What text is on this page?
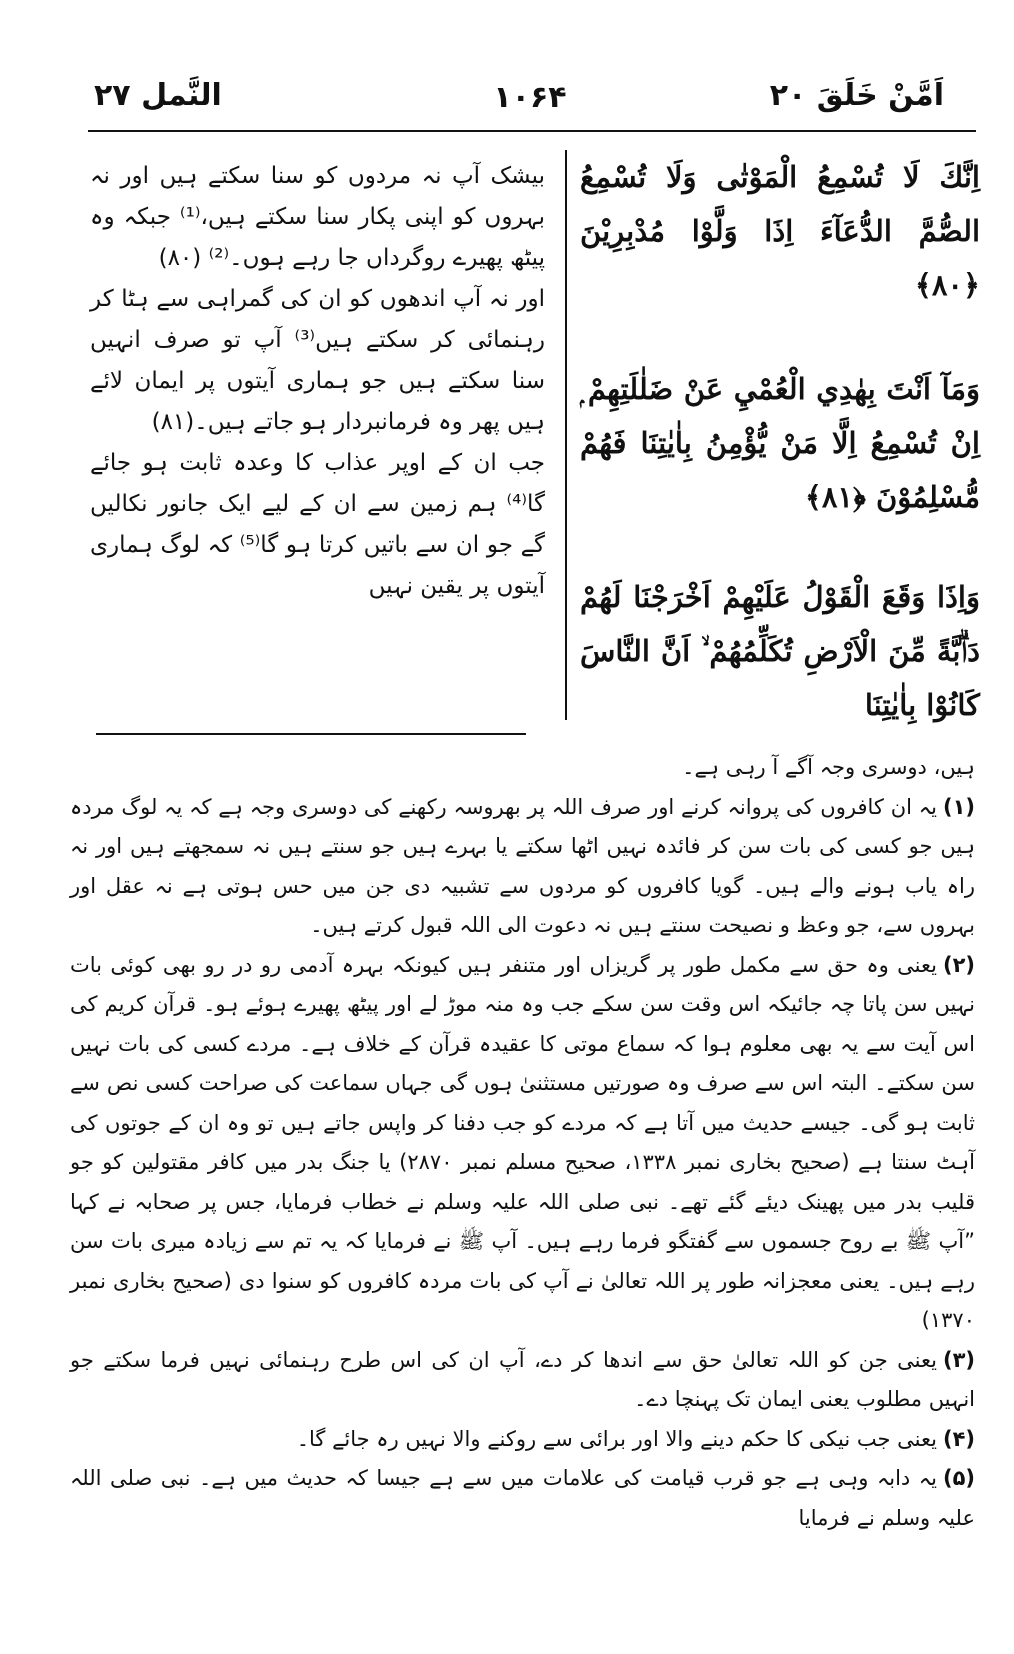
اَمَّنْ خَلَقَ ۲۰
۱۰۶۴
النَّمل ۲۷
اِنَّكَ لَا تُسْمِعُ الْمَوْتٰى وَلَا تُسْمِعُ الصُّمَّ الدُّعَآءَ اِذَا وَلَّوْا مُدْبِرِيْنَ ﴿۸۰﴾
وَمَآ اَنْتَ بِهٰدِي الْعُمْيِ عَنْ ضَلٰلَتِهِمْ ۭ اِنْ تُسْمِعُ اِلَّا مَنْ يُّؤْمِنُ بِاٰيٰتِنَا فَهُمْ مُّسْلِمُوْنَ ﴿۸۱﴾
وَاِذَا وَقَعَ الْقَوْلُ عَلَيْهِمْ اَخْرَجْنَا لَهُمْ دَاۗبَّةً مِّنَ الْاَرْضِ تُكَلِّمُهُمْ ۙ اَنَّ النَّاسَ كَانُوْا بِاٰيٰتِنَا
بیشک آپ نہ مردوں کو سنا سکتے ہیں اور نہ بہروں کو اپنی پکار سنا سکتے ہیں،⁽¹⁾ جبکہ وہ پیٹھ پھیرے روگرداں جا رہے ہوں۔⁽²⁾ (۸۰)
اور نہ آپ اندھوں کو ان کی گمراہی سے ہٹا کر رہنمائی کر سکتے ہیں⁽³⁾ آپ تو صرف انہیں سنا سکتے ہیں جو ہماری آیتوں پر ایمان لائے ہیں پھر وہ فرمانبردار ہو جاتے ہیں۔(۸۱)
جب ان کے اوپر عذاب کا وعدہ ثابت ہو جائے گا⁽⁴⁾ ہم زمین سے ان کے لیے ایک جانور نکالیں گے جو ان سے باتیں کرتا ہو گا⁽⁵⁾ کہ لوگ ہماری آیتوں پر یقین نہیں

ہیں، دوسری وجہ آگے آ رہی ہے۔

(۱)یہ ان کافروں کی پروانہ کرنے اور صرف اللہ پر بھروسہ رکھنے کی دوسری وجہ ہے کہ یہ لوگ مردہ ہیں جو کسی کی بات سن کر فائدہ نہیں اٹھا سکتے یا بہرے ہیں جو سنتے ہیں نہ سمجھتے ہیں اور نہ راہ یاب ہونے والے ہیں۔ گویا کافروں کو مردوں سے تشبیہ دی جن میں حس ہوتی ہے نہ عقل اور بہروں سے، جو وعظ و نصیحت سنتے ہیں نہ دعوت الی اللہ قبول کرتے ہیں۔

(۲)یعنی وہ حق سے مکمل طور پر گریزاں اور متنفر ہیں کیونکہ بہرہ آدمی رو در رو بھی کوئی بات نہیں سن پاتا چہ جائیکہ اس وقت سن سکے جب وہ منہ موڑ لے اور پیٹھ پھیرے ہوئے ہو۔ قرآن کریم کی اس آیت سے یہ بھی معلوم ہوا کہ سماع موتی کا عقیدہ قرآن کے خلاف ہے۔ مردے کسی کی بات نہیں سن سکتے۔ البتہ اس سے صرف وہ صورتیں مستثنیٰ ہوں گی جہاں سماعت کی صراحت کسی نص سے ثابت ہو گی۔ جیسے حدیث میں آتا ہے کہ مردے کو جب دفنا کر واپس جاتے ہیں تو وہ ان کے جوتوں کی آہٹ سنتا ہے (صحیح بخاری نمبر ۱۳۳۸، صحیح مسلم نمبر ۲۸۷۰) یا جنگ بدر میں کافر مقتولین کو جو قلیب بدر میں پھینک دیئے گئے تھے۔ نبی صلی اللہ علیہ وسلم نے خطاب فرمایا، جس پر صحابہ نے کہا ”آپ ﷺ بے روح جسموں سے گفتگو فرما رہے ہیں۔ آپ ﷺ نے فرمایا کہ یہ تم سے زیادہ میری بات سن رہے ہیں۔ یعنی معجزانہ طور پر اللہ تعالیٰ نے آپ کی بات مردہ کافروں کو سنوا دی (صحیح بخاری نمبر ۱۳۷۰)

(۳)یعنی جن کو اللہ تعالیٰ حق سے اندھا کر دے، آپ ان کی اس طرح رہنمائی نہیں فرما سکتے جو انہیں مطلوب یعنی ایمان تک پہنچا دے۔

(۴)یعنی جب نیکی کا حکم دینے والا اور برائی سے روکنے والا نہیں رہ جائے گا۔

(۵)یہ دابہ وہی ہے جو قرب قیامت کی علامات میں سے ہے جیسا کہ حدیث میں ہے۔ نبی صلی اللہ علیہ وسلم نے فرمایا
